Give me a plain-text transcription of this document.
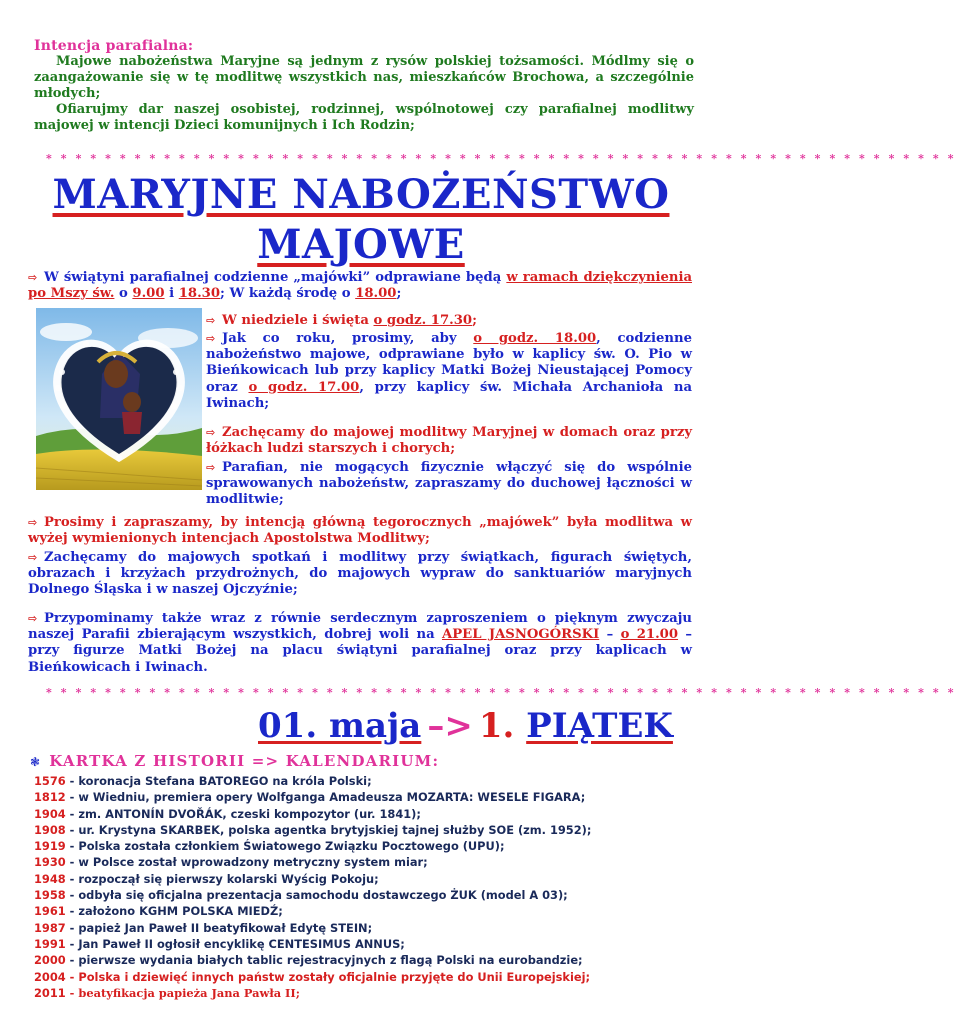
Intencja parafialna:

Majowe nabożeństwa Maryjne są jednym z rysów polskiej tożsamości. Módlmy się o zaangażowanie się w tę modlitwę wszystkich nas, mieszkańców Brochowa, a szczególnie młodych;

Ofiarujmy dar naszej osobistej, rodzinnej, wspólnotowej czy parafialnej modlitwy majowej w intencji Dzieci komunijnych i Ich Rodzin;

* * * * * * * * * * * * * * * * * * * * * * * * * * * * * * * * * * * * * * * * * * * * * * * * * * * * * * * * * * * * * *
MARYJNE NABOŻEŃSTWO
MAJOWE
⇨ W świątyni parafialnej codzienne „majówki” odprawiane będą w ramach dziękczynienia po Mszy św. o 9.00 i 18.30; W każdą środę o 18.00;
⇨ W niedziele i święta o godz. 17.30;
⇨ Jak co roku, prosimy, aby o godz. 18.00, codzienne nabożeństwo majowe, odprawiane było w kaplicy św. O. Pio w Bieńkowicach lub przy kaplicy Matki Bożej Nieustającej Pomocy oraz o godz. 17.00, przy kaplicy św. Michała Archanioła na Iwinach;
⇨ Zachęcamy do majowej modlitwy Maryjnej w domach oraz przy łóżkach ludzi starszych i chorych;
⇨ Parafian, nie mogących fizycznie włączyć się do wspólnie sprawowanych nabożeństw, zapraszamy do duchowej łączności w modlitwie;
⇨ Prosimy i zapraszamy, by intencją główną tegorocznych „majówek” była modlitwa w wyżej wymienionych intencjach Apostolstwa Modlitwy;
⇨ Zachęcamy do majowych spotkań i modlitwy przy świątkach, figurach świętych, obrazach i krzyżach przydrożnych, do majowych wypraw do sanktuariów maryjnych Dolnego Śląska i w naszej Ojczyźnie;
⇨ Przypominamy także wraz z równie serdecznym zaproszeniem o pięknym zwyczaju naszej Parafii zbierającym wszystkich, dobrej woli na APEL JASNOGÓRSKI – o 21.00 – przy figurze Matki Bożej na placu świątyni parafialnej oraz przy kaplicach w Bieńkowicach i Iwinach.
* * * * * * * * * * * * * * * * * * * * * * * * * * * * * * * * * * * * * * * * * * * * * * * * * * * * * * * * * * * * * *
01. maja –> 1. PIĄTEK
❃ KARTKA Z HISTORII => KALENDARIUM:
1576 - koronacja Stefana BATOREGO na króla Polski;
1812 - w Wiedniu, premiera opery Wolfganga Amadeusza MOZARTA: WESELE FIGARA;
1904 - zm. ANTONÍN DVOŘÁK, czeski kompozytor (ur. 1841);
1908 - ur. Krystyna SKARBEK, polska agentka brytyjskiej tajnej służby SOE (zm. 1952);
1919 - Polska została członkiem Światowego Związku Pocztowego (UPU);
1930 - w Polsce został wprowadzony metryczny system miar;
1948 - rozpoczął się pierwszy kolarski Wyścig Pokoju;
1958 - odbyła się oficjalna prezentacja samochodu dostawczego ŻUK (model A 03);
1961 - założono KGHM POLSKA MIEDŹ;
1987 - papież Jan Paweł II beatyfikował Edytę STEIN;
1991 - Jan Paweł II ogłosił encyklikę CENTESIMUS ANNUS;
2000 - pierwsze wydania białych tablic rejestracyjnych z flagą Polski na eurobandzie;
2004 - Polska i dziewięć innych państw zostały oficjalnie przyjęte do Unii Europejskiej;
2011 - beatyfikacja papieża Jana Pawła II;
